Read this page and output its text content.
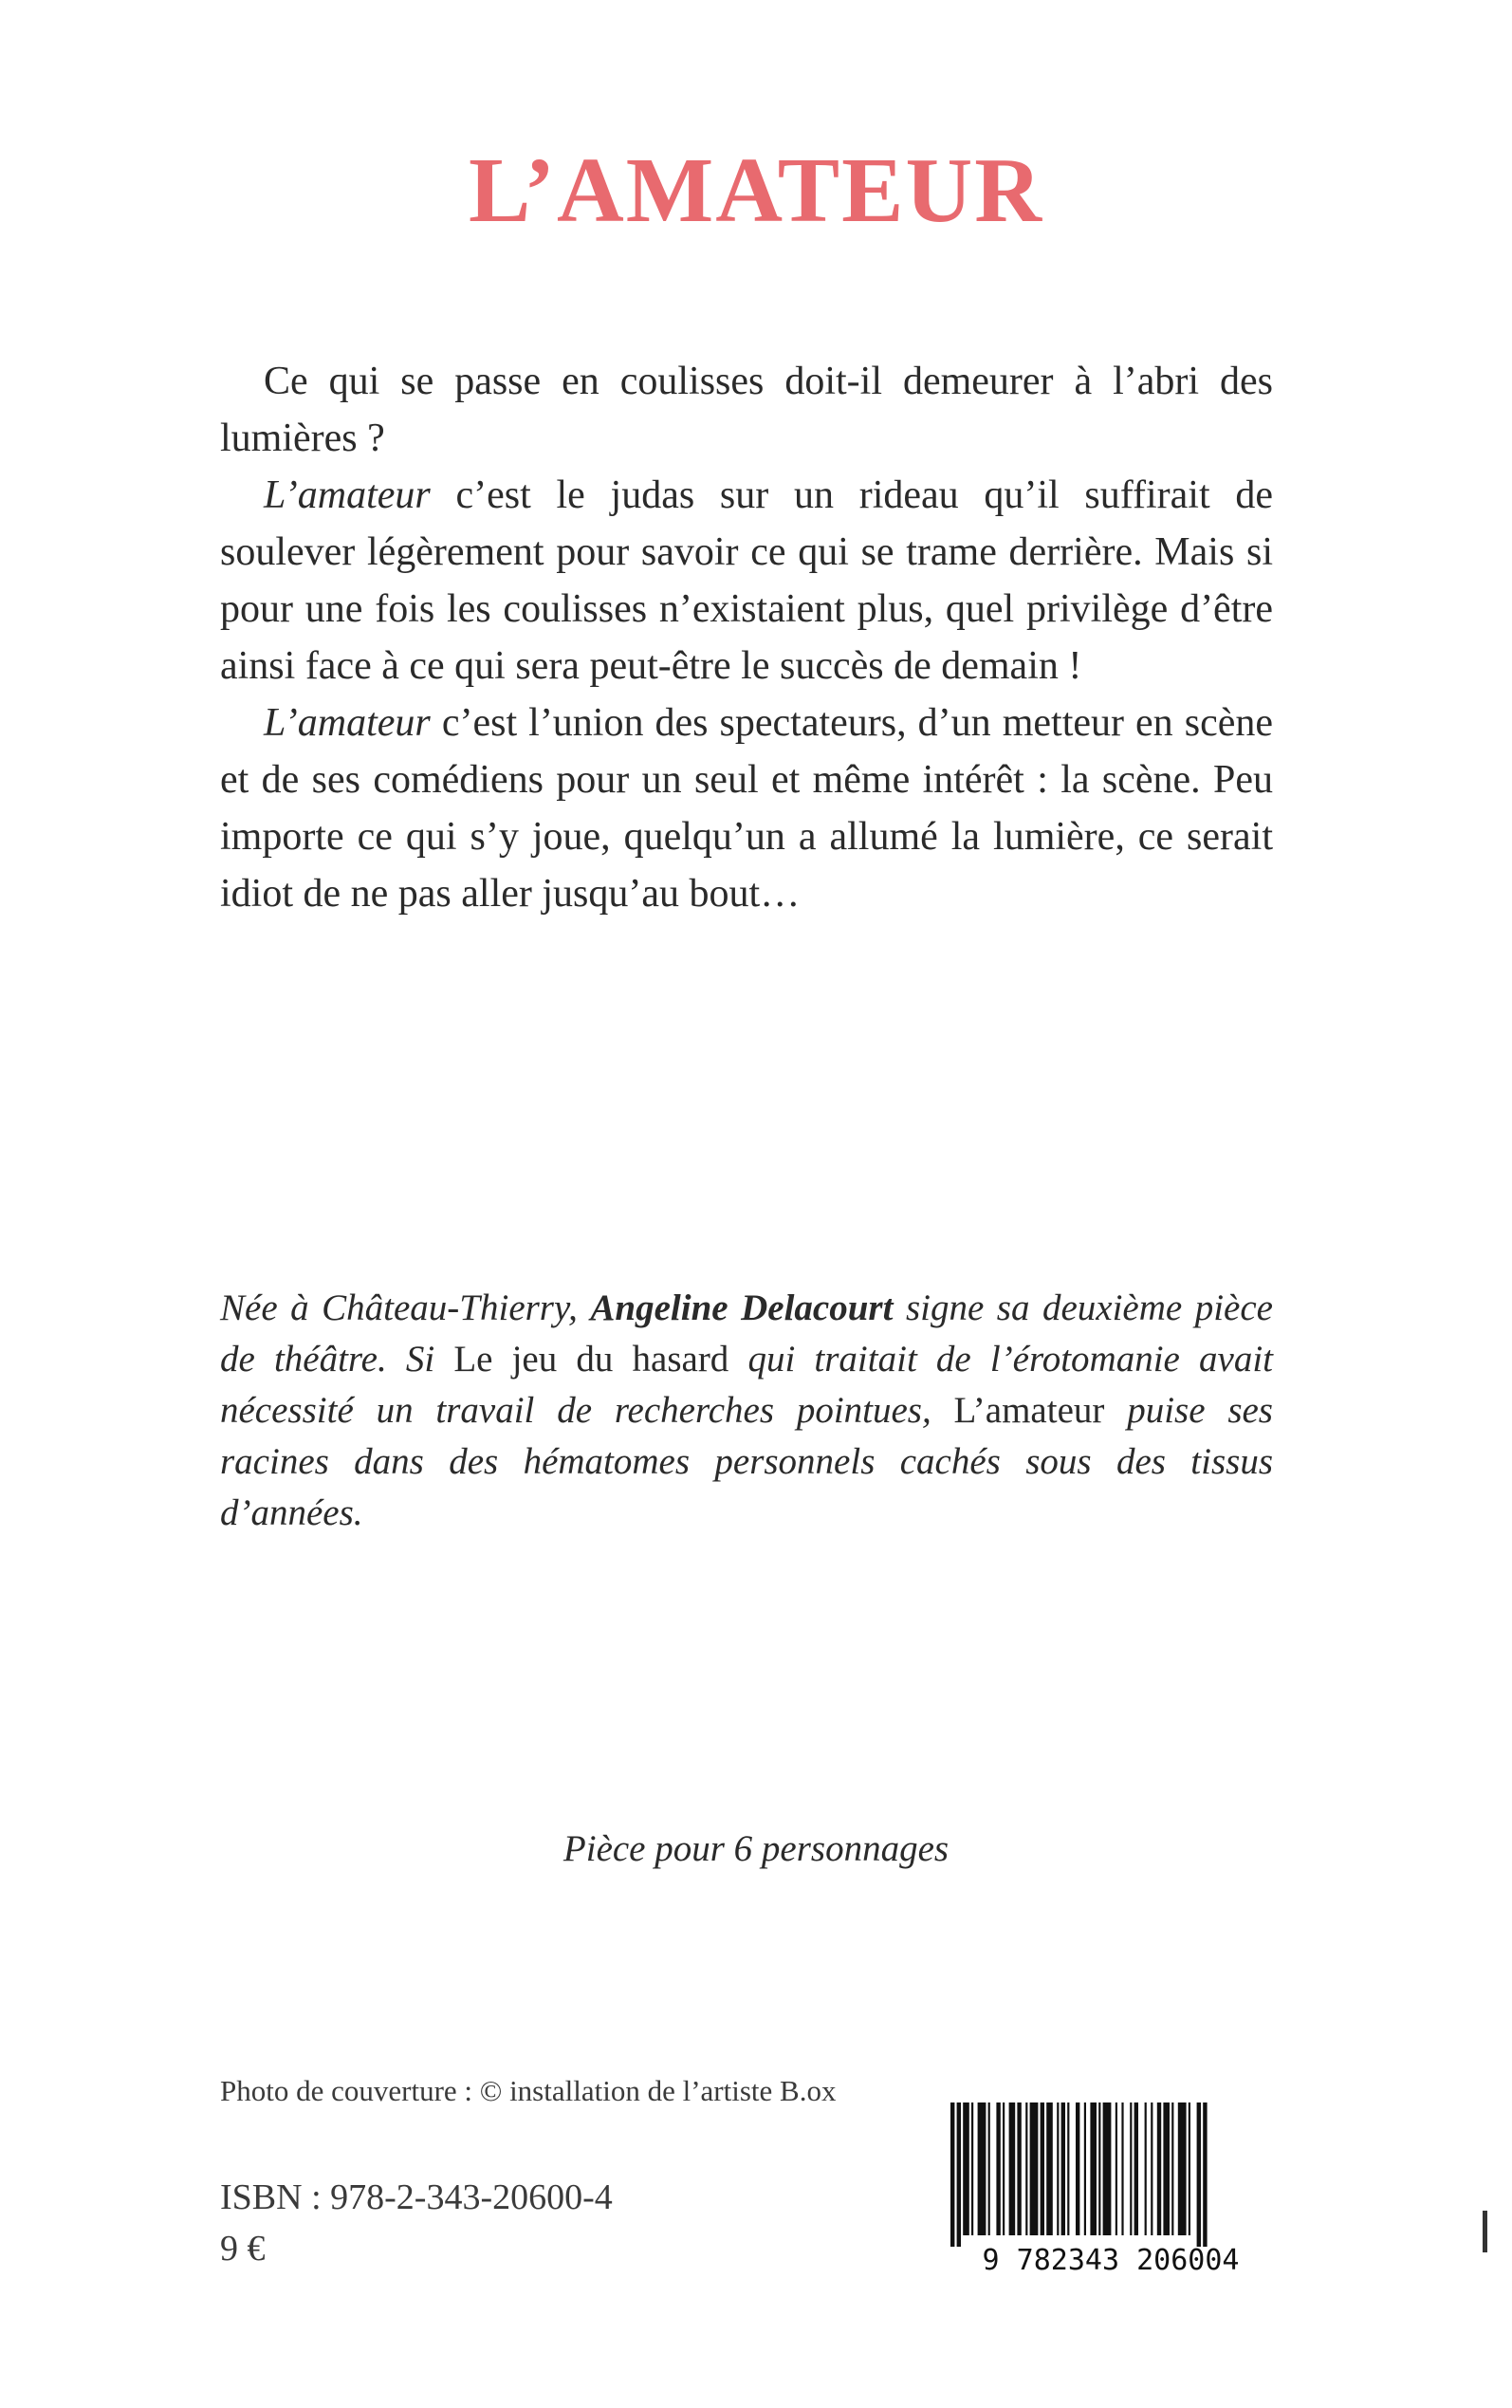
L’AMATEUR

Ce qui se passe en coulisses doit-il demeurer à l’abri des lumières ?

L’amateur c’est le judas sur un rideau qu’il suffirait de soulever légèrement pour savoir ce qui se trame derrière. Mais si pour une fois les coulisses n’existaient plus, quel privilège d’être ainsi face à ce qui sera peut-être le succès de demain !

L’amateur c’est l’union des spectateurs, d’un metteur en scène et de ses comédiens pour un seul et même intérêt : la scène. Peu importe ce qui s’y joue, quelqu’un a allumé la lumière, ce serait idiot de ne pas aller jusqu’au bout…

Née à Château-Thierry, Angeline Delacourt signe sa deuxième pièce de théâtre. Si Le jeu du hasard qui traitait de l’érotomanie avait nécessité un travail de recherches pointues, L’amateur puise ses racines dans des hématomes personnels cachés sous des tissus d’années.

Pièce pour 6 personnages
Photo de couverture : © installation de l’artiste B.ox
ISBN : 978-2-343-20600-4
9 €	9 782343 206004
